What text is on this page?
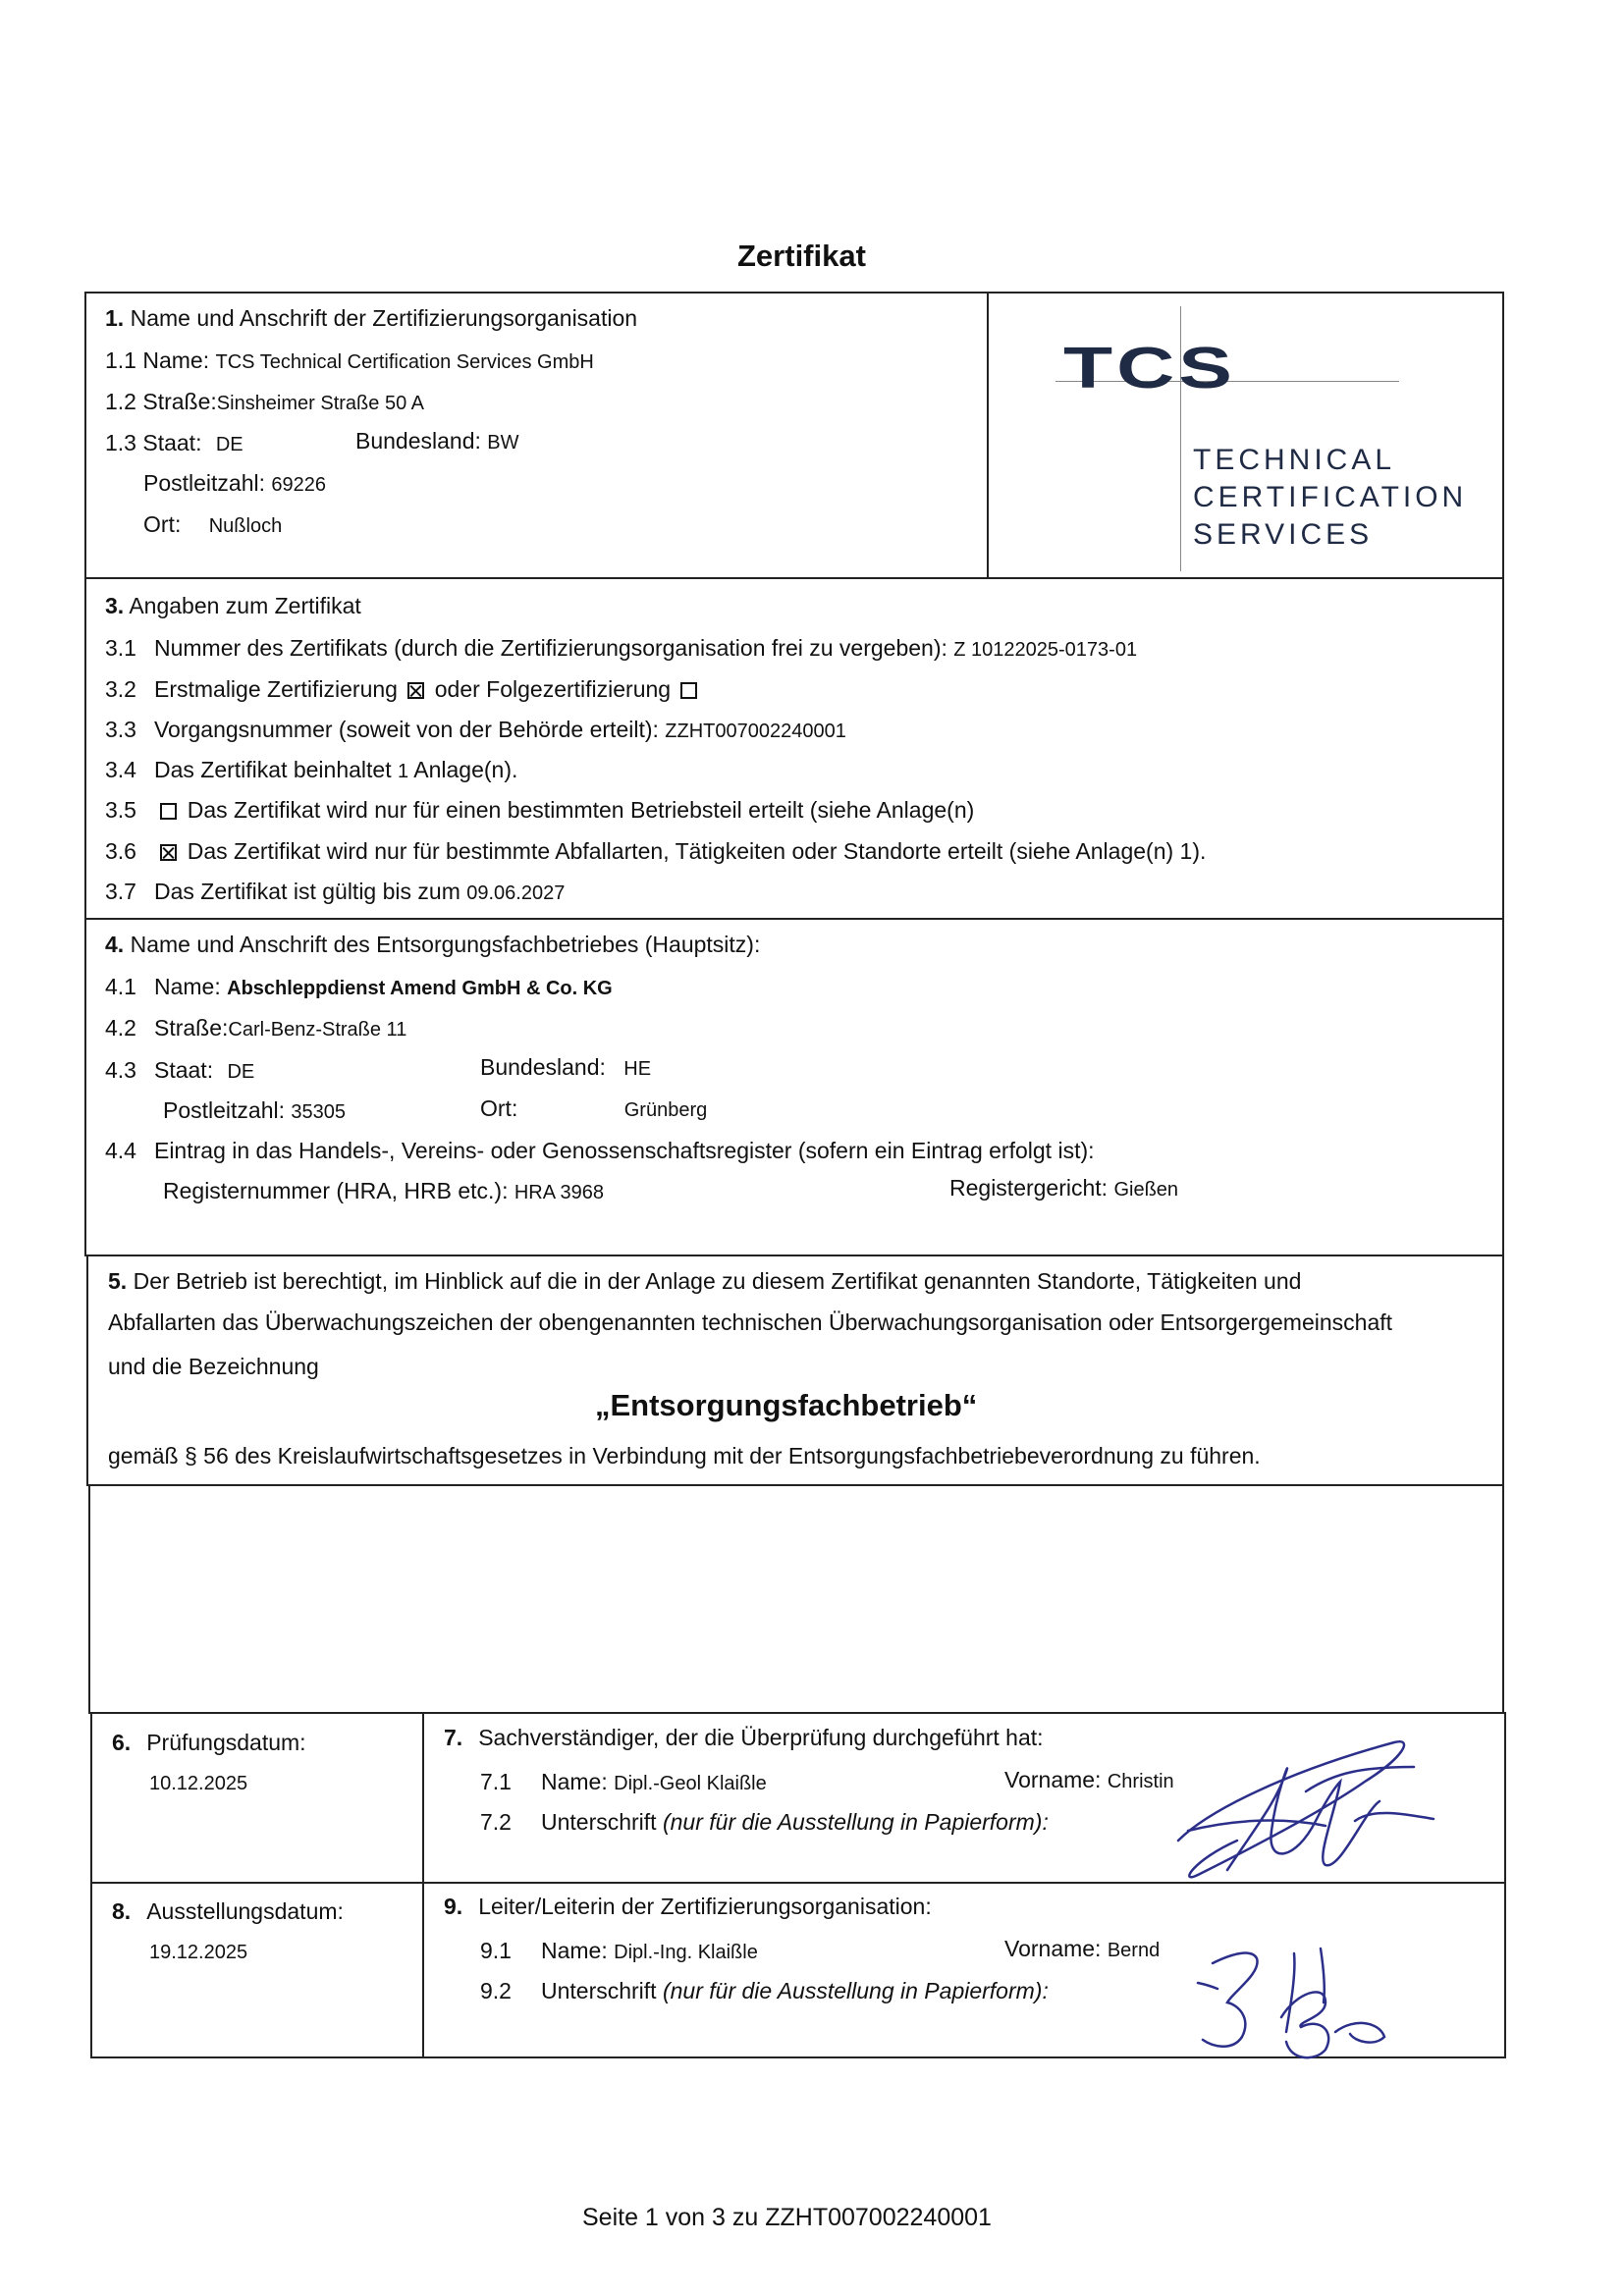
Zertifikat
1. Name und Anschrift der Zertifizierungsorganisation
1.1 Name: TCS Technical Certification Services GmbH
1.2 Straße:Sinsheimer Straße 50 A
1.3 Staat: DE	Bundesland: BW
Postleitzahl: 69226
Ort: Nußloch
TCS
TECHNICAL
CERTIFICATION
SERVICES
3. Angaben zum Zertifikat
3.1 Nummer des Zertifikats (durch die Zertifizierungsorganisation frei zu vergeben): Z 10122025-0173-01
3.2 Erstmalige Zertifizierung oder Folgezertifizierung
3.3 Vorgangsnummer (soweit von der Behörde erteilt): ZZHT007002240001
3.4 Das Zertifikat beinhaltet 1 Anlage(n).
3.5 Das Zertifikat wird nur für einen bestimmten Betriebsteil erteilt (siehe Anlage(n)
3.6 Das Zertifikat wird nur für bestimmte Abfallarten, Tätigkeiten oder Standorte erteilt (siehe Anlage(n) 1).
3.7 Das Zertifikat ist gültig bis zum 09.06.2027
4. Name und Anschrift des Entsorgungsfachbetriebes (Hauptsitz):
4.1 Name: Abschleppdienst Amend GmbH & Co. KG
4.2 Straße:Carl-Benz-Straße 11
4.3 Staat: DE	Bundesland: HE
Postleitzahl: 35305	Ort:	Grünberg
4.4 Eintrag in das Handels-, Vereins- oder Genossenschaftsregister (sofern ein Eintrag erfolgt ist):
Registernummer (HRA, HRB etc.): HRA 3968	Registergericht: Gießen
5. Der Betrieb ist berechtigt, im Hinblick auf die in der Anlage zu diesem Zertifikat genannten Standorte, Tätigkeiten und
Abfallarten das Überwachungszeichen der obengenannten technischen Überwachungsorganisation oder Entsorgergemeinschaft
und die Bezeichnung
„Entsorgungsfachbetrieb“
gemäß § 56 des Kreislaufwirtschaftsgesetzes in Verbindung mit der Entsorgungsfachbetriebeverordnung zu führen.
6. Prüfungsdatum:
10.12.2025
7. Sachverständiger, der die Überprüfung durchgeführt hat:
7.1 Name: Dipl.-Geol Klaißle	Vorname: Christin
7.2 Unterschrift (nur für die Ausstellung in Papierform):
8. Ausstellungsdatum:
19.12.2025
9. Leiter/Leiterin der Zertifizierungsorganisation:
9.1 Name: Dipl.-Ing. Klaißle	Vorname: Bernd
9.2 Unterschrift (nur für die Ausstellung in Papierform):
Seite 1 von 3 zu ZZHT007002240001
